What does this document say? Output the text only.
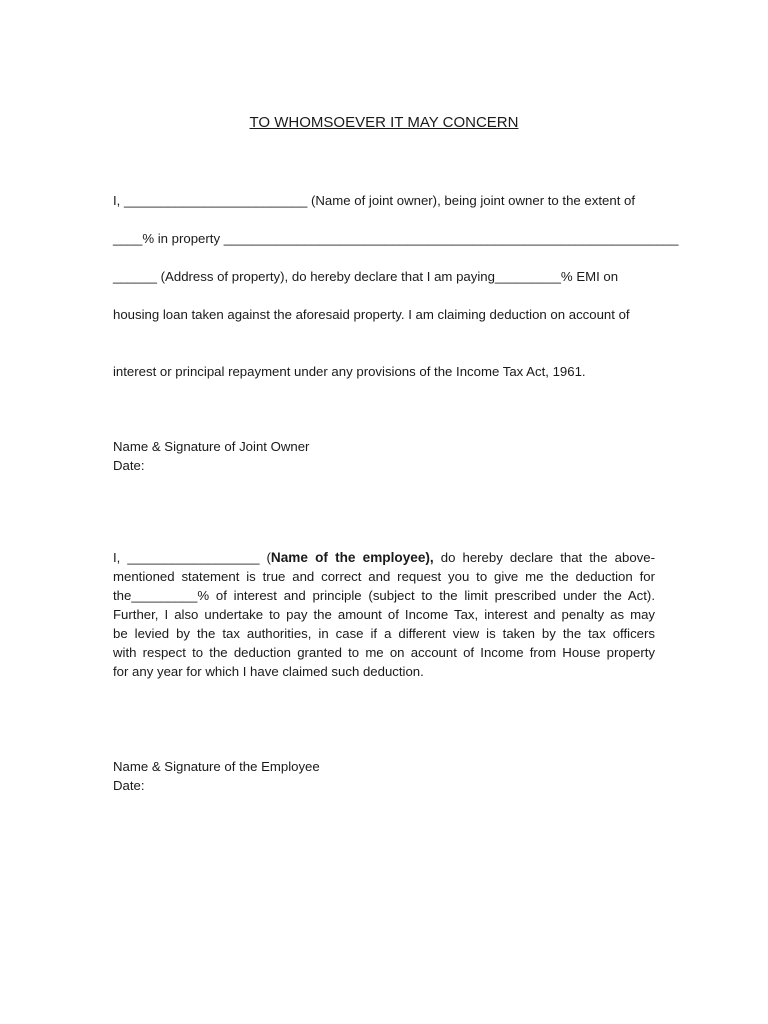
TO WHOMSOEVER IT MAY CONCERN

I, _________________________ (Name of joint owner), being joint owner to the extent of

____% in property ______________________________________________________________

______ (Address of property), do hereby declare that I am paying_________% EMI on

housing loan taken against the aforesaid property. I am claiming deduction on account of

interest or principal repayment under any provisions of the Income Tax Act, 1961.

Name & Signature of Joint Owner

Date:

I, __________________ (Name of the employee), do hereby declare that the above-
mentioned statement is true and correct and request you to give me the deduction for
the_________% of interest and principle (subject to the limit prescribed under the Act).
Further, I also undertake to pay the amount of Income Tax, interest and penalty as may
be levied by the tax authorities, in case if a different view is taken by the tax officers
with respect to the deduction granted to me on account of Income from House property
for any year for which I have claimed such deduction.

Name & Signature of the Employee

Date:
